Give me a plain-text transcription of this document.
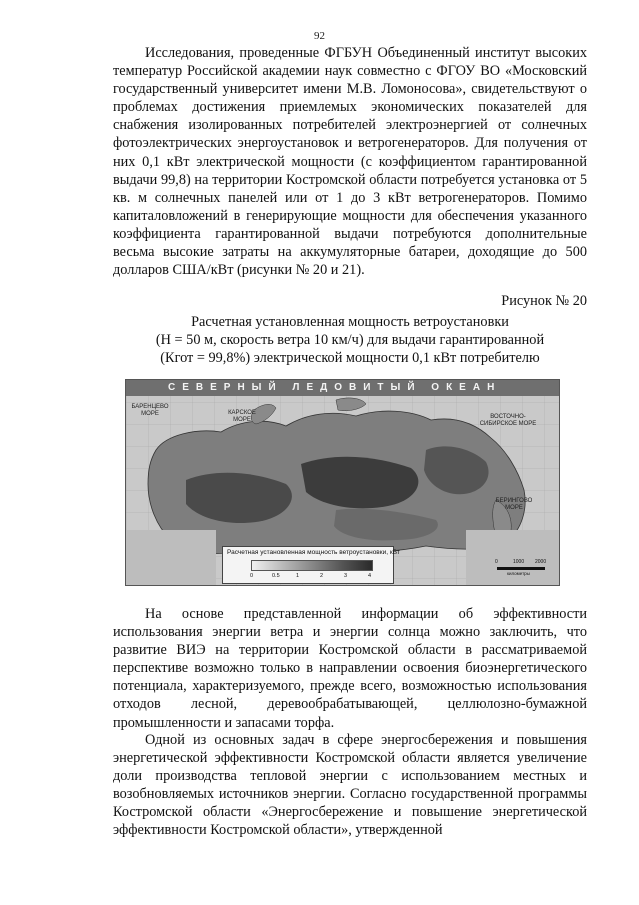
92

Исследования, проведенные ФГБУН Объединенный институт высоких температур Российской академии наук совместно с ФГОУ ВО «Московский государственный университет имени М.В. Ломоносова», свидетельствуют о проблемах достижения приемлемых экономических показателей для снабжения изолированных потребителей электроэнергией от солнечных фотоэлектрических энергоустановок и ветрогенераторов. Для получения от них 0,1 кВт электрической мощности (с коэффициентом гарантированной выдачи 99,8) на территории Костромской области потребуется установка от 5 кв. м солнечных панелей или от 1 до 3 кВт ветрогенераторов. Помимо капиталовложений в генерирующие мощности для обеспечения указанного коэффициента гарантированной выдачи потребуются дополнительные весьма высокие затраты на аккумуляторные батареи, доходящие до 500 долларов США/кВт (рисунки № 20 и 21).

Рисунок № 20
Расчетная установленная мощность ветроустановки
(H = 50 м, скорость ветра 10 км/ч) для выдачи гарантированной
(Кгот = 99,8%) электрической мощности 0,1 кВт потребителю
СЕВЕРНЫЙ ЛЕДОВИТЫЙ ОКЕАН
БАРЕНЦЕВО МОРЕ	КАРСКОЕ МОРЕ	ВОСТОЧНО-СИБИРСКОЕ МОРЕ
БЕРИНГОВО МОРЕ
Расчетная установленная мощность ветроустановки, кВт
0	0.5	1	2	3	4
0	1000 2000
километры

На основе представленной информации об эффективности использования энергии ветра и энергии солнца можно заключить, что развитие ВИЭ на территории Костромской области в рассматриваемой перспективе возможно только в направлении освоения биоэнергетического потенциала, характеризуемого, прежде всего, возможностью использования отходов лесной, деревообрабатывающей, целлюлозно-бумажной промышленности и запасами торфа.

Одной из основных задач в сфере энергосбережения и повышения энергетической эффективности Костромской области является увеличение доли производства тепловой энергии с использованием местных и возобновляемых источников энергии. Согласно государственной программы Костромской области «Энергосбережение и повышение энергетической эффективности Костромской области», утвержденной
